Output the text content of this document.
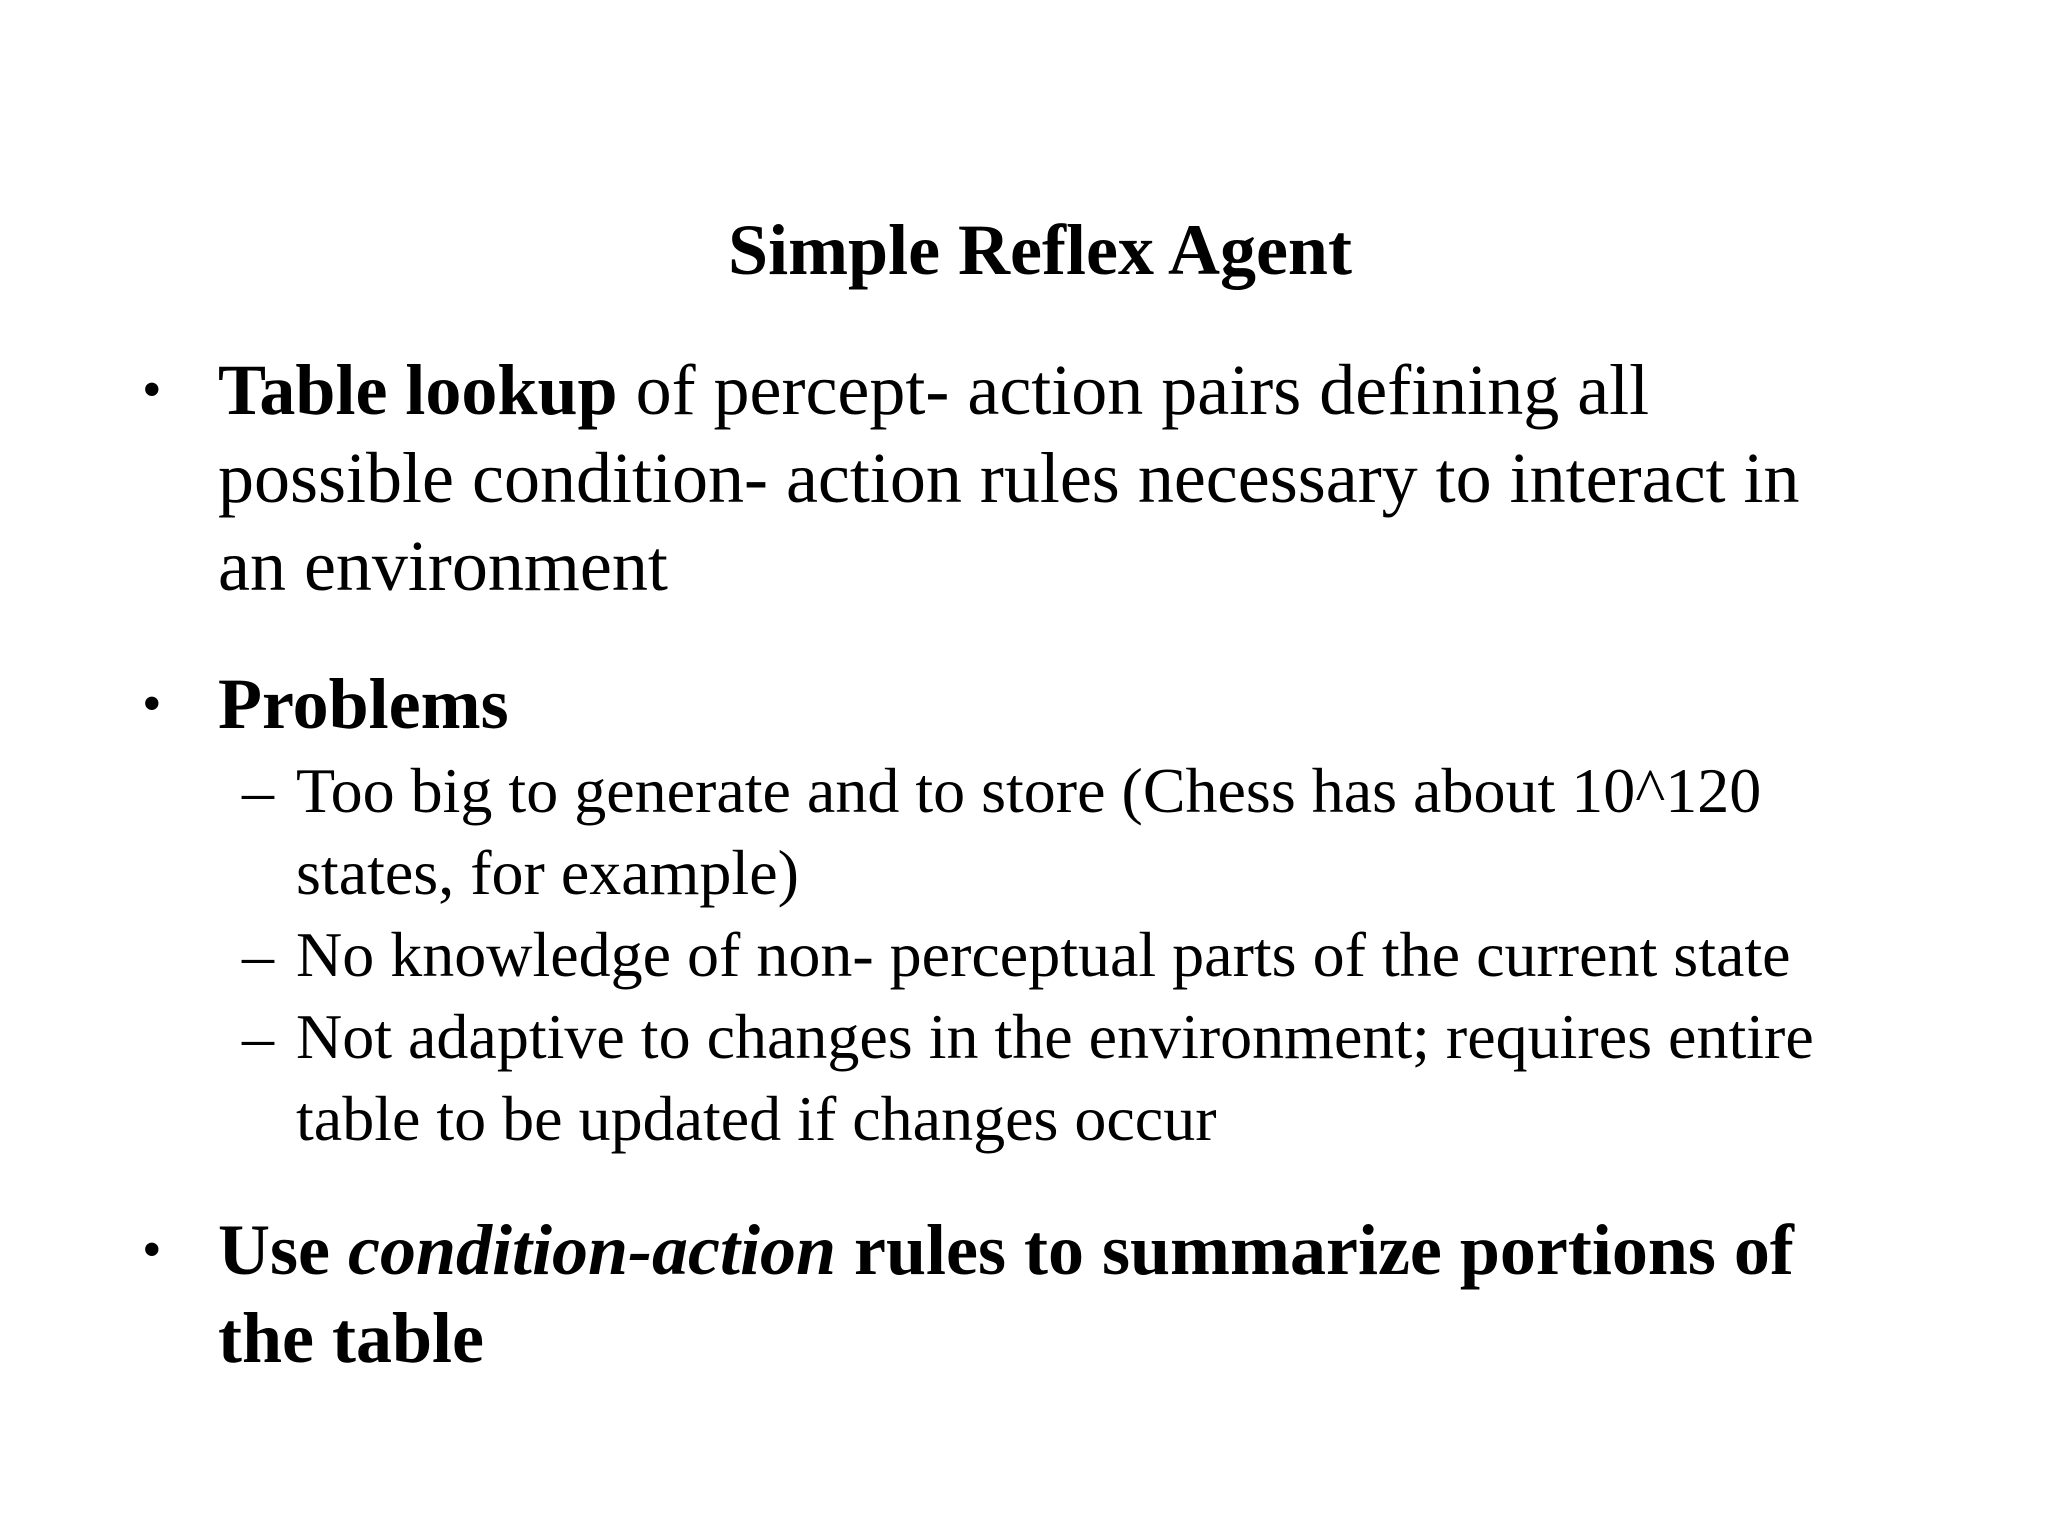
Simple Reflex Agent
• Table lookup of percept- action pairs defining all
possible condition- action rules necessary to interact in
an environment
• Problems
– Too big to generate and to store (Chess has about 10^120
states, for example)
– No knowledge of non- perceptual parts of the current state
– Not adaptive to changes in the environment; requires entire
table to be updated if changes occur
• Use condition-action rules to summarize portions of
the table
